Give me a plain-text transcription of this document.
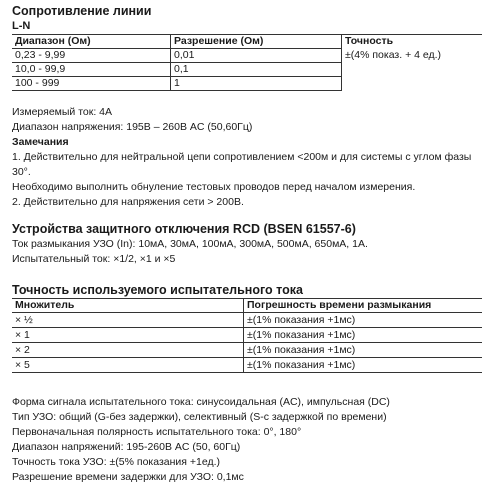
Сопротивление линии
L-N
Диапазон (Ом)	Разрешение (Ом)	Точность
0,23 - 9,99	0,01	±(4% показ. + 4 ед.)
10,0 - 99,9	0,1	
100 - 999	1	

Измеряемый ток: 4А

Диапазон напряжения: 195В – 260В AC (50,60Гц)

Замечания

1. Действительно для нейтральной цепи сопротивлением <200м и для системы с углом фазы 30°.

Необходимо выполнить обнуление тестовых проводов перед началом измерения.

2. Действительно для напряжения сети > 200В.

Устройства защитного отключения RCD (BSEN 61557-6)

Ток размыкания УЗО (In): 10мА, 30мА, 100мА, 300мА, 500мА, 650мА, 1А.

Испытательный ток: ×1/2, ×1 и ×5

Точность используемого испытательного тока
Множитель	Погрешность времени размыкания
× ½	±(1% показания +1мс)
× 1	±(1% показания +1мс)
× 2	±(1% показания +1мс)
× 5	±(1% показания +1мс)

Форма сигнала испытательного тока: синусоидальная (AC), импульсная (DC)

Тип УЗО: общий (G-без задержки), селективный (S-с задержкой по времени)

Первоначальная полярность испытательного тока: 0°, 180°

Диапазон напряжений: 195-260В AC (50, 60Гц)

Точность тока УЗО: ±(5% показания +1ед.)

Разрешение времени задержки для УЗО: 0,1мс
